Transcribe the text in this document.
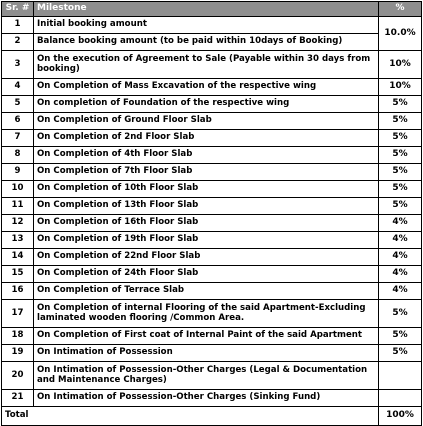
Sr. #	Milestone	%
1	Initial booking amount	10.0%
2	Balance booking amount (to be paid within 10days of Booking)	
3	On the execution of Agreement to Sale (Payable within 30 days from booking)	10%
4	On Completion of Mass Excavation of the respective wing	10%
5	On completion of Foundation of the respective wing	5%
6	On Completion of Ground Floor Slab	5%
7	On Completion of 2nd Floor Slab	5%
8	On Completion of 4th Floor Slab	5%
9	On Completion of 7th Floor Slab	5%
10	On Completion of 10th Floor Slab	5%
11	On Completion of 13th Floor Slab	5%
12	On Completion of 16th Floor Slab	4%
13	On Completion of 19th Floor Slab	4%
14	On Completion of 22nd Floor Slab	4%
15	On Completion of 24th Floor Slab	4%
16	On Completion of Terrace Slab	4%
17	On Completion of internal Flooring of the said Apartment-Excluding laminated wooden flooring /Common Area.	5%
18	On Completion of First coat of Internal Paint of the said Apartment	5%
19	On Intimation of Possession	5%
20	On Intimation of Possession-Other Charges (Legal & Documentation and Maintenance Charges)	
21	On Intimation of Possession-Other Charges (Sinking Fund)	
Total		100%
